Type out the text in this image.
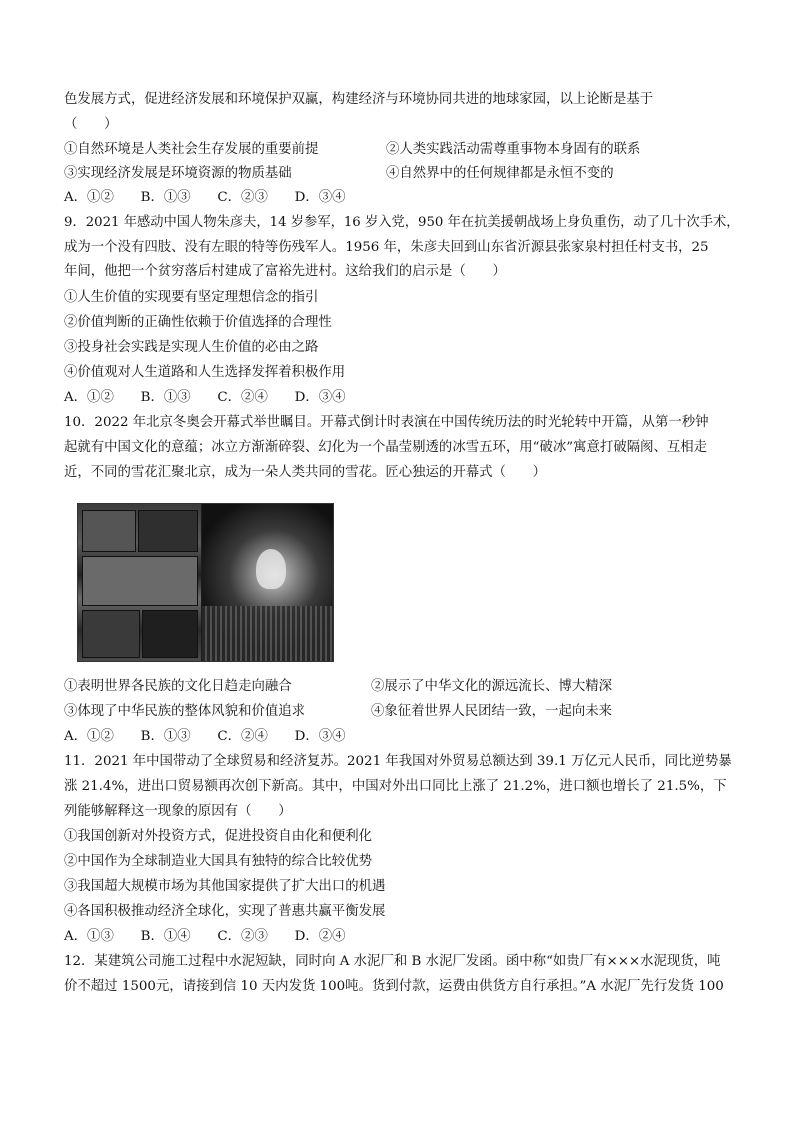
色发展方式，促进经济发展和环境保护双赢，构建经济与环境协同共进的地球家园，以上论断是基于
（　　）
①自然环境是人类社会生存发展的重要前提	②人类实践活动需尊重事物本身固有的联系
③实现经济发展是环境资源的物质基础	④自然界中的任何规律都是永恒不变的
A．①②　　B．①③　　C．②③　　D．③④
9．2021 年感动中国人物朱彦夫，14 岁参军，16 岁入党，950 年在抗美援朝战场上身负重伤，动了几十次手术，
成为一个没有四肢、没有左眼的特等伤残军人。1956 年，朱彦夫回到山东省沂源县张家泉村担任村支书，25
年间，他把一个贫穷落后村建成了富裕先进村。这给我们的启示是（　　）
①人生价值的实现要有坚定理想信念的指引
②价值判断的正确性依赖于价值选择的合理性
③投身社会实践是实现人生价值的必由之路
④价值观对人生道路和人生选择发挥着积极作用
A．①②　　B．①③　　C．②④　　D．③④
10．2022 年北京冬奥会开幕式举世瞩目。开幕式倒计时表演在中国传统历法的时光轮转中开篇，从第一秒钟
起就有中国文化的意蕴；冰立方渐渐碎裂、幻化为一个晶莹剔透的冰雪五环，用“破冰”寓意打破隔阂、互相走
近，不同的雪花汇聚北京，成为一朵人类共同的雪花。匠心独运的开幕式（　　）
①表明世界各民族的文化日趋走向融合	②展示了中华文化的源远流长、博大精深
③体现了中华民族的整体风貌和价值追求	④象征着世界人民团结一致，一起向未来
A．①②　　B．①③　　C．②④　　D．③④
11．2021 年中国带动了全球贸易和经济复苏。2021 年我国对外贸易总额达到 39.1 万亿元人民币，同比逆势暴
涨 21.4%，进出口贸易额再次创下新高。其中，中国对外出口同比上涨了 21.2%，进口额也增长了 21.5%，下
列能够解释这一现象的原因有（　　）
①我国创新对外投资方式，促进投资自由化和便利化
②中国作为全球制造业大国具有独特的综合比较优势
③我国超大规模市场为其他国家提供了扩大出口的机遇
④各国积极推动经济全球化，实现了普惠共赢平衡发展
A．①③　　B．①④　　C．②③　　D．②④
12．某建筑公司施工过程中水泥短缺，同时向 A 水泥厂和 B 水泥厂发函。函中称“如贵厂有×××水泥现货，吨
价不超过 1500元，请接到信 10 天内发货 100吨。货到付款，运费由供货方自行承担。”A 水泥厂先行发货 100
